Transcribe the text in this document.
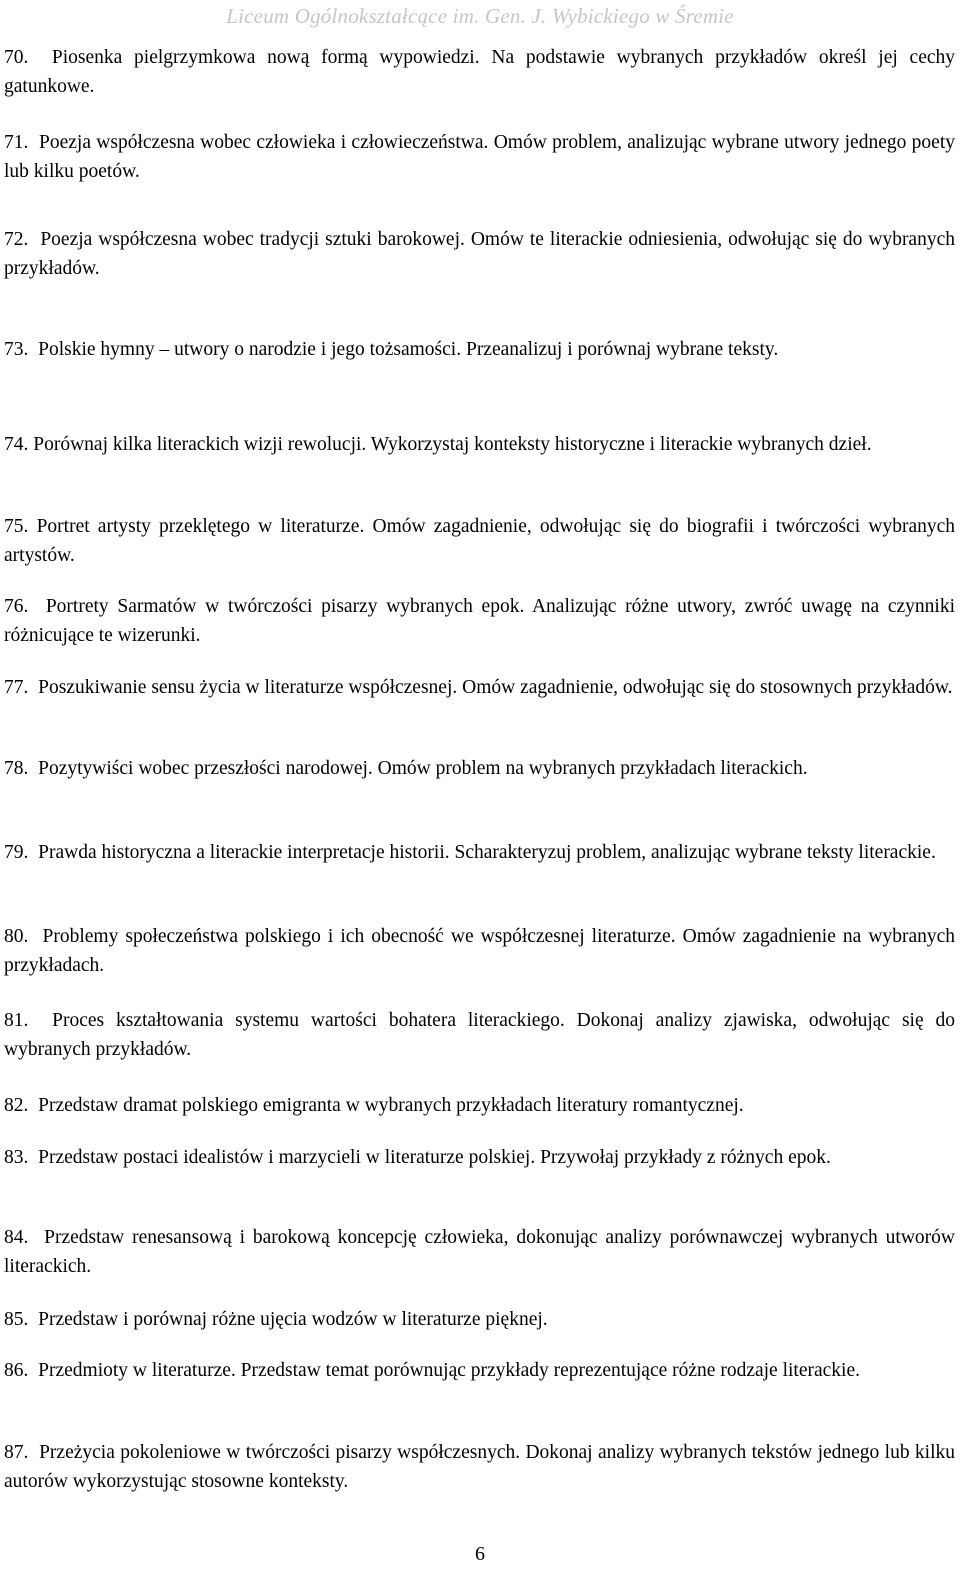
Liceum Ogólnokształcące im. Gen. J. Wybickiego w Śremie

70. Piosenka pielgrzymkowa nową formą wypowiedzi. Na podstawie wybranych przykładów określ jej cechy gatunkowe.

71. Poezja współczesna wobec człowieka i człowieczeństwa. Omów problem, analizując wybrane utwory jednego poety lub kilku poetów.

72. Poezja współczesna wobec tradycji sztuki barokowej. Omów te literackie odniesienia, odwołując się do wybranych przykładów.

73. Polskie hymny – utwory o narodzie i jego tożsamości. Przeanalizuj i porównaj wybrane teksty.

74. Porównaj kilka literackich wizji rewolucji. Wykorzystaj konteksty historyczne i literackie wybranych dzieł.

75. Portret artysty przeklętego w literaturze. Omów zagadnienie, odwołując się do biografii i twórczości wybranych artystów.

76. Portrety Sarmatów w twórczości pisarzy wybranych epok. Analizując różne utwory, zwróć uwagę na czynniki różnicujące te wizerunki.

77. Poszukiwanie sensu życia w literaturze współczesnej. Omów zagadnienie, odwołując się do stosownych przykładów.

78. Pozytywiści wobec przeszłości narodowej. Omów problem na wybranych przykładach literackich.

79. Prawda historyczna a literackie interpretacje historii. Scharakteryzuj problem, analizując wybrane teksty literackie.

80. Problemy społeczeństwa polskiego i ich obecność we współczesnej literaturze. Omów zagadnienie na wybranych przykładach.

81. Proces kształtowania systemu wartości bohatera literackiego. Dokonaj analizy zjawiska, odwołując się do wybranych przykładów.

82. Przedstaw dramat polskiego emigranta w wybranych przykładach literatury romantycznej.

83. Przedstaw postaci idealistów i marzycieli w literaturze polskiej. Przywołaj przykłady z różnych epok.

84. Przedstaw renesansową i barokową koncepcję człowieka, dokonując analizy porównawczej wybranych utworów literackich.

85. Przedstaw i porównaj różne ujęcia wodzów w literaturze pięknej.

86. Przedmioty w literaturze. Przedstaw temat porównując przykłady reprezentujące różne rodzaje literackie.

87. Przeżycia pokoleniowe w twórczości pisarzy współczesnych. Dokonaj analizy wybranych tekstów jednego lub kilku autorów wykorzystując stosowne konteksty.

6
